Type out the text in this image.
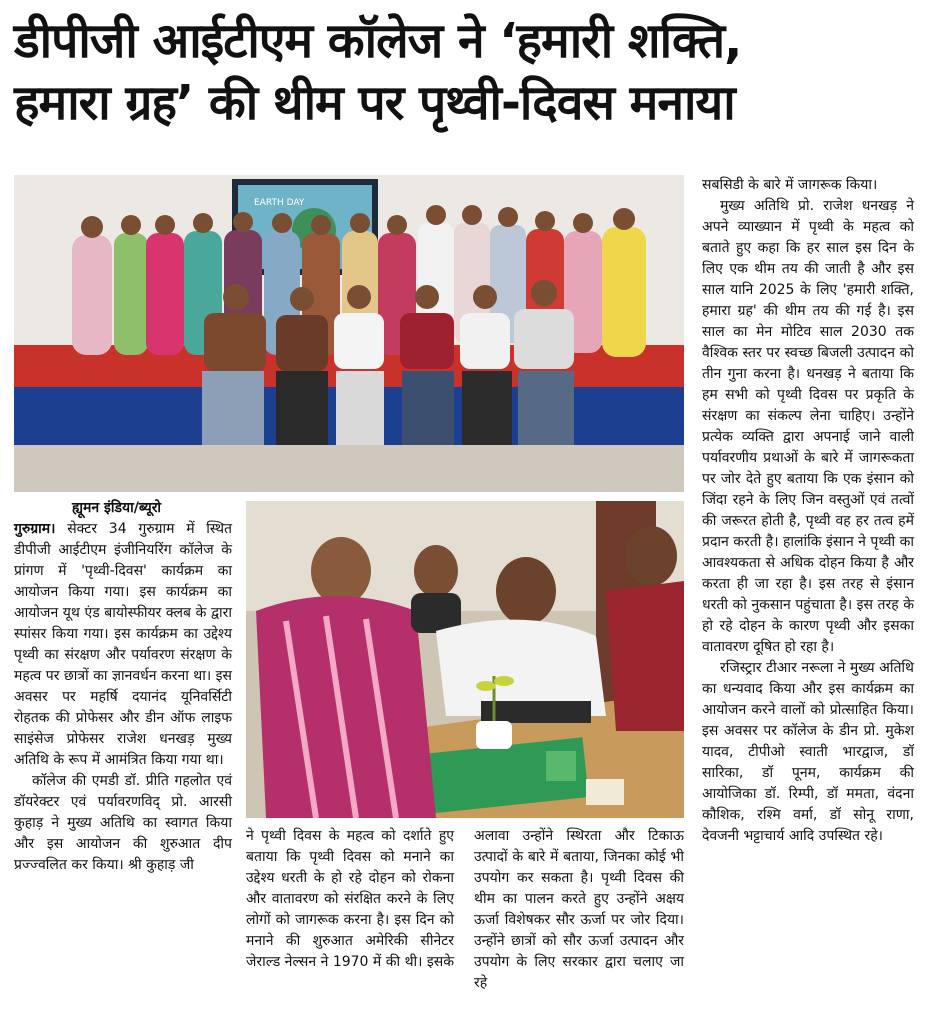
डीपीजी आईटीएम कॉलेज ने ‘हमारी शक्ति,
हमारा ग्रह’ की थीम पर पृथ्वी-दिवस मनाया
EARTH DAY

ह्यूमन इंडिया/ब्यूरो

गुरुग्राम। सेक्टर 34 गुरुग्राम में स्थित डीपीजी आईटीएम इंजीनियरिंग कॉलेज के प्रांगण में 'पृथ्वी-दिवस' कार्यक्रम का आयोजन किया गया। इस कार्यक्रम का आयोजन यूथ एंड बायोस्फीयर क्लब के द्वारा स्पांसर किया गया। इस कार्यक्रम का उद्देश्य पृथ्वी का संरक्षण और पर्यावरण संरक्षण के महत्व पर छात्रों का ज्ञानवर्धन करना था। इस अवसर पर महर्षि दयानंद यूनिवर्सिटी रोहतक की प्रोफेसर और डीन ऑफ लाइफ साइंसेज प्रोफेसर राजेश धनखड़ मुख्य अतिथि के रूप में आमंत्रित किया गया था।

कॉलेज की एमडी डॉ. प्रीति गहलोत एवं डॉयरेक्टर एवं पर्यावरणविद् प्रो. आरसी कुहाड़ ने मुख्य अतिथि का स्वागत किया और इस आयोजन की शुरुआत दीप प्रज्ज्वलित कर किया। श्री कुहाड़ जी

ने पृथ्वी दिवस के महत्व को दर्शाते हुए बताया कि पृथ्वी दिवस को मनाने का उद्देश्य धरती के हो रहे दोहन को रोकना और वातावरण को संरक्षित करने के लिए लोगों को जागरूक करना है। इस दिन को मनाने की शुरुआत अमेरिकी सीनेटर जेराल्ड नेल्सन ने 1970 में की थी। इसके

अलावा उन्होंने स्थिरता और टिकाऊ उत्पादों के बारे में बताया, जिनका कोई भी उपयोग कर सकता है। पृथ्वी दिवस की थीम का पालन करते हुए उन्होंने अक्षय ऊर्जा विशेषकर सौर ऊर्जा पर जोर दिया। उन्होंने छात्रों को सौर ऊर्जा उत्पादन और उपयोग के लिए सरकार द्वारा चलाए जा रहे

सबसिडी के बारे में जागरूक किया।

मुख्य अतिथि प्रो. राजेश धनखड़ ने अपने व्याख्यान में पृथ्वी के महत्व को बताते हुए कहा कि हर साल इस दिन के लिए एक थीम तय की जाती है और इस साल यानि 2025 के लिए 'हमारी शक्ति, हमारा ग्रह' की थीम तय की गई है। इस साल का मेन मोटिव साल 2030 तक वैश्विक स्तर पर स्वच्छ बिजली उत्पादन को तीन गुना करना है। धनखड़ ने बताया कि हम सभी को पृथ्वी दिवस पर प्रकृति के संरक्षण का संकल्प लेना चाहिए। उन्होंने प्रत्येक व्यक्ति द्वारा अपनाई जाने वाली पर्यावरणीय प्रथाओं के बारे में जागरूकता पर जोर देते हुए बताया कि एक इंसान को जिंदा रहने के लिए जिन वस्तुओं एवं तत्वों की जरूरत होती है, पृथ्वी वह हर तत्व हमें प्रदान करती है। हालांकि इंसान ने पृथ्वी का आवश्यकता से अधिक दोहन किया है और करता ही जा रहा है। इस तरह से इंसान धरती को नुकसान पहुंचाता है। इस तरह के हो रहे दोहन के कारण पृथ्वी और इसका वातावरण दूषित हो रहा है।

रजिस्ट्रार टीआर नरूला ने मुख्य अतिथि का धन्यवाद किया और इस कार्यक्रम का आयोजन करने वालों को प्रोत्साहित किया। इस अवसर पर कॉलेज के डीन प्रो. मुकेश यादव, टीपीओ स्वाती भारद्वाज, डॉ सारिका, डॉ पूनम, कार्यक्रम की आयोजिका डॉ. रिम्पी, डॉ ममता, वंदना कौशिक, रश्मि वर्मा, डॉ सोनू राणा, देवजनी भट्टाचार्य आदि उपस्थित रहे।
